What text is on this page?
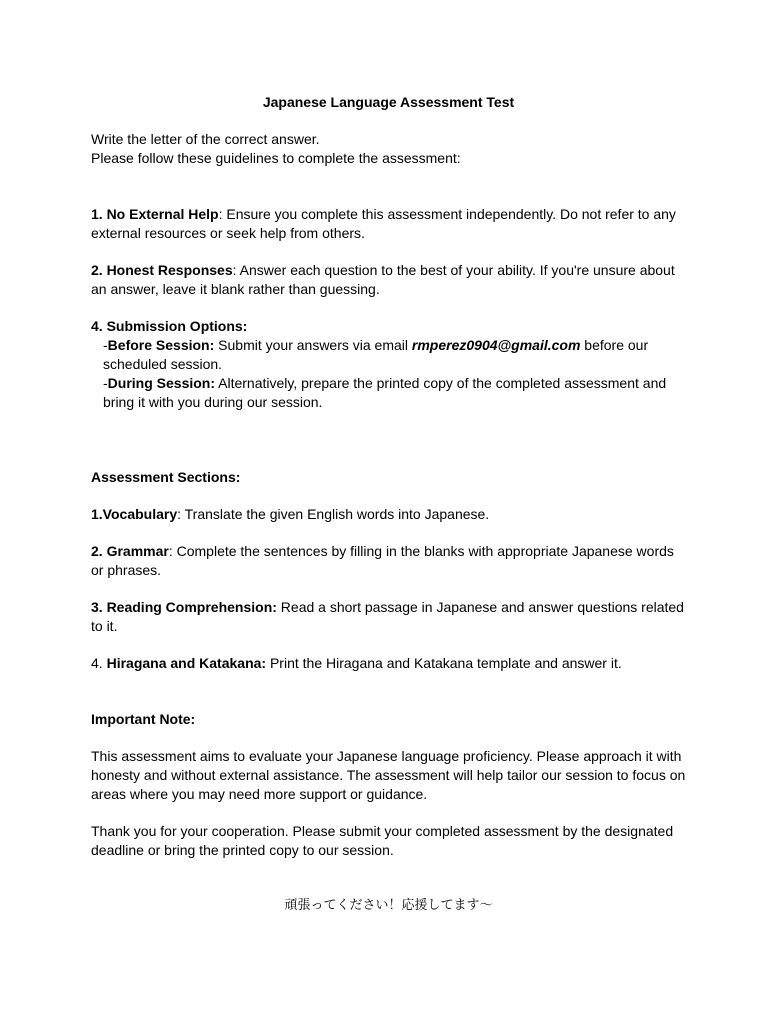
Japanese Language Assessment Test

Write the letter of the correct answer.

Please follow these guidelines to complete the assessment:

1. No External Help: Ensure you complete this assessment independently. Do not refer to any external resources or seek help from others.

2. Honest Responses: Answer each question to the best of your ability. If you're unsure about an answer, leave it blank rather than guessing.

4. Submission Options:

-Before Session: Submit your answers via email rmperez0904@gmail.com before our scheduled session.

-During Session: Alternatively, prepare the printed copy of the completed assessment and bring it with you during our session.

Assessment Sections:

1.Vocabulary: Translate the given English words into Japanese.

2. Grammar: Complete the sentences by filling in the blanks with appropriate Japanese words or phrases.

3. Reading Comprehension: Read a short passage in Japanese and answer questions related to it.

4. Hiragana and Katakana: Print the Hiragana and Katakana template and answer it.

Important Note:

This assessment aims to evaluate your Japanese language proficiency. Please approach it with honesty and without external assistance. The assessment will help tailor our session to focus on areas where you may need more support or guidance.

Thank you for your cooperation. Please submit your completed assessment by the designated deadline or bring the printed copy to our session.

頑張ってください！応援してます〜
